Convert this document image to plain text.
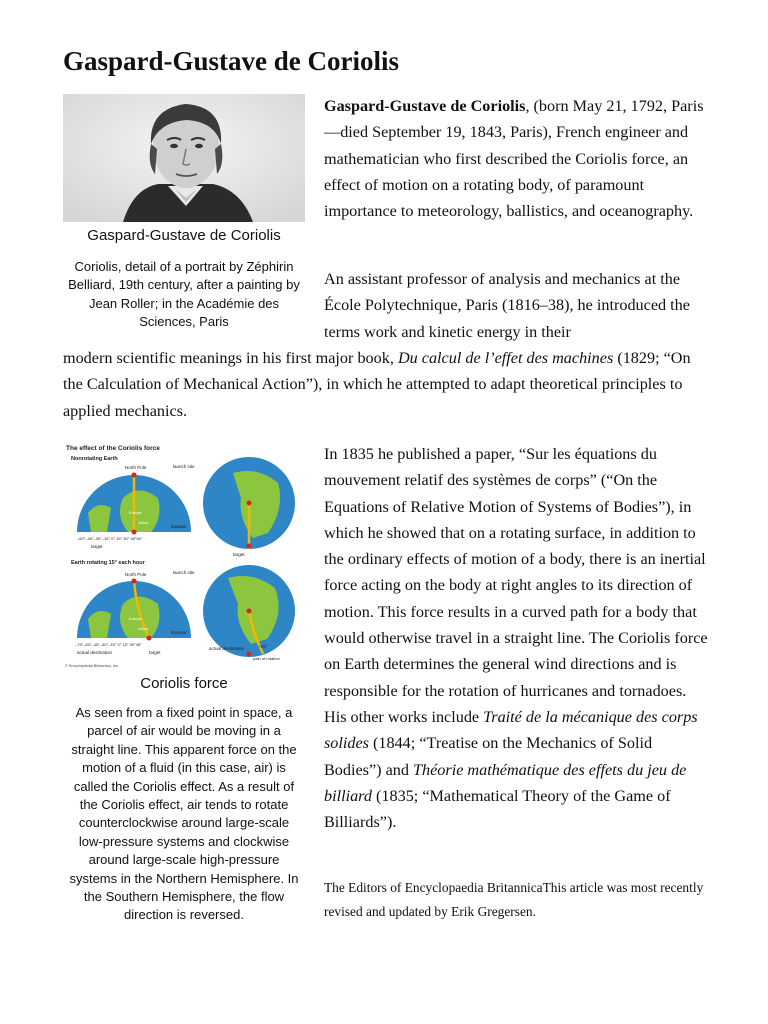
Gaspard-Gustave de Coriolis
Gaspard-Gustave de Coriolis
Coriolis, detail of a portrait by Zéphirin Belliard, 19th century, after a painting by Jean Roller; in the Académie des Sciences, Paris

Gaspard-Gustave de Coriolis, (born May 21, 1792, Paris—died September 19, 1843, Paris), French engineer and mathematician who first described the Coriolis force, an effect of motion on a rotating body, of paramount importance to meteorology, ballistics, and oceanography.

An assistant professor of analysis and mechanics at the École Polytechnique, Paris (1816–38), he introduced the terms work and kinetic energy in their

modern scientific meanings in his first major book, Du calcul de l’effet des machines (1829; “On the Calculation of Mechanical Action”), in which he attempted to adapt theoretical principles to applied mechanics.

The effect of the Coriolis force
Nonrotating Earth
North Pole	launch site
Equator
Europe
Africa
–60°–45°–30°–15° 0° 15° 30° 45°60°
target
target
Earth rotating 15° each hour
North Pole	launch site
Equator
Europe
Africa
–75°–60°–45°–30°–15° 0° 15° 30°45°
actual destination	target
actual destination	+15°
path of rotation
© Encyclopædia Britannica, Inc.
Coriolis force
As seen from a fixed point in space, a parcel of air would be moving in a straight line. This apparent force on the motion of a fluid (in this case, air) is called the Coriolis effect. As a result of the Coriolis effect, air tends to rotate counterclockwise around large-scale low-pressure systems and clockwise around large-scale high-pressure systems in the Northern Hemisphere. In the Southern Hemisphere, the flow direction is reversed.

In 1835 he published a paper, “Sur les équations du mouvement relatif des systèmes de corps” (“On the Equations of Relative Motion of Systems of Bodies”), in which he showed that on a rotating surface, in addition to the ordinary effects of motion of a body, there is an inertial force acting on the body at right angles to its direction of motion. This force results in a curved path for a body that would otherwise travel in a straight line. The Coriolis force on Earth determines the general wind directions and is responsible for the rotation of hurricanes and tornadoes. His other works include Traité de la mécanique des corps solides (1844; “Treatise on the Mechanics of Solid Bodies”) and Théorie mathématique des effets du jeu de billiard (1835; “Mathematical Theory of the Game of Billiards”).

The Editors of Encyclopaedia BritannicaThis article was most recently revised and updated by Erik Gregersen.
